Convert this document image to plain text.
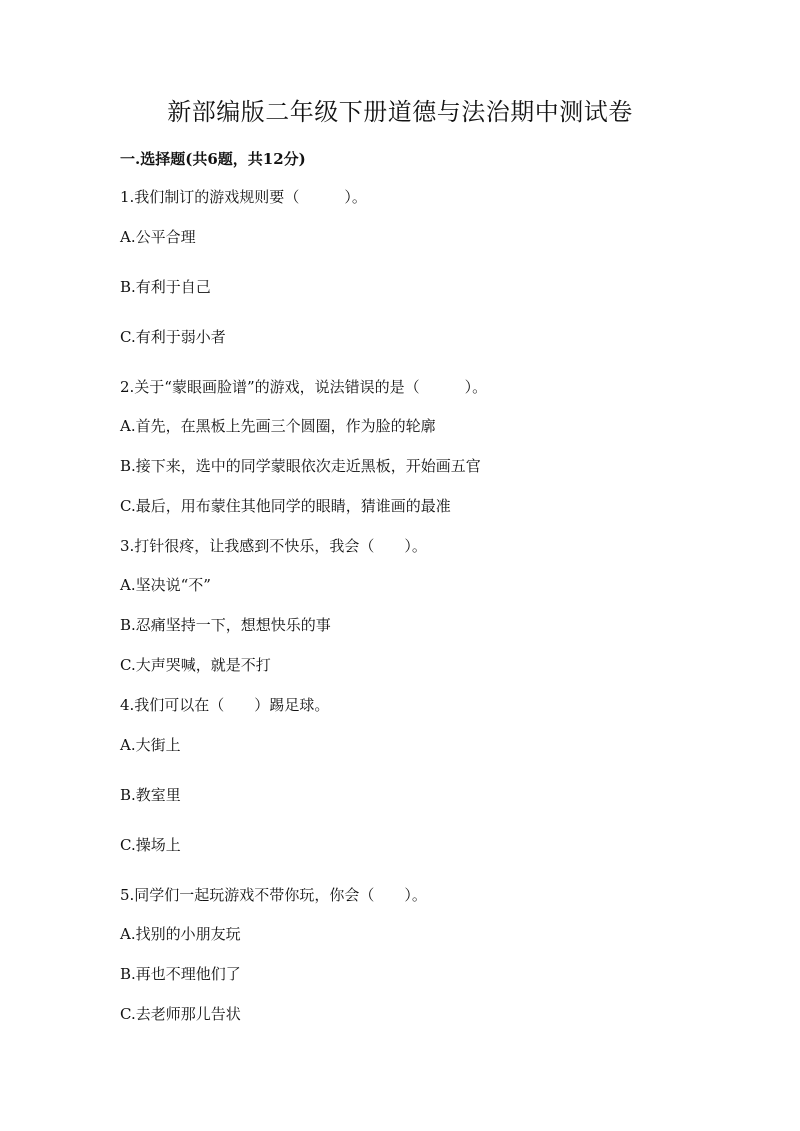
新部编版二年级下册道德与法治期中测试卷
一.选择题(共6题，共12分)
1.我们制订的游戏规则要（　　　）。
A.公平合理
B.有利于自己
C.有利于弱小者
2.关于“蒙眼画脸谱”的游戏，说法错误的是（　　　）。
A.首先，在黑板上先画三个圆圈，作为脸的轮廓
B.接下来，选中的同学蒙眼依次走近黑板，开始画五官
C.最后，用布蒙住其他同学的眼睛，猜谁画的最准
3.打针很疼，让我感到不快乐，我会（　　）。
A.坚决说“不”
B.忍痛坚持一下，想想快乐的事
C.大声哭喊，就是不打
4.我们可以在（　　）踢足球。
A.大街上
B.教室里
C.操场上
5.同学们一起玩游戏不带你玩，你会（　　）。
A.找别的小朋友玩
B.再也不理他们了
C.去老师那儿告状
